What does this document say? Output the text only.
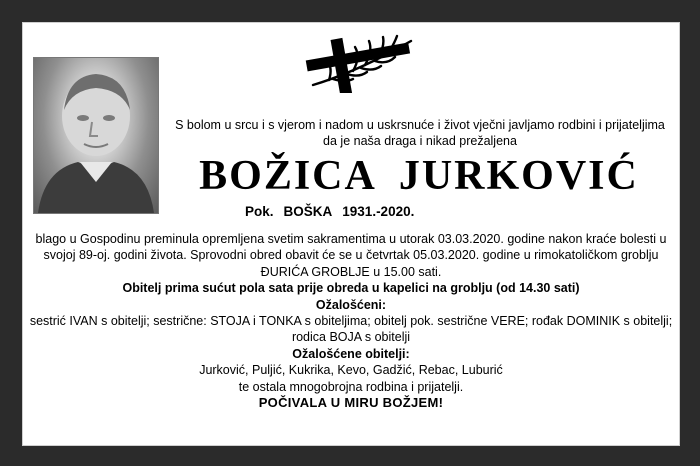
S bolom u srcu i s vjerom i nadom u uskrsnuće i život vječni javljamo rodbini i prijateljima da je naša draga i nikad prežaljena
BOŽICA JURKOVIĆ
Pok. BOŠKA 1931.-2020.

blago u Gospodinu preminula opremljena svetim sakramentima u utorak 03.03.2020. godine nakon kraće bolesti u svojoj 89-oj. godini života. Sprovodni obred obavit će se u četvrtak 05.03.2020. godine u rimokatoličkom groblju ĐURIĆA GROBLJE u 15.00 sati.

Obitelj prima sućut pola sata prije obreda u kapelici na groblju (od 14.30 sati)

Ožalošćeni:

sestrić IVAN s obitelji; sestrične: STOJA i TONKA s obiteljima; obitelj pok. sestrične VERE; rođak DOMINIK s obitelji; rodica BOJA s obitelji

Ožalošćene obitelji:

Jurković, Puljić, Kukrika, Kevo, Gadžić, Rebac, Luburić

te ostala mnogobrojna rodbina i prijatelji.

POČIVALA U MIRU BOŽJEM!
